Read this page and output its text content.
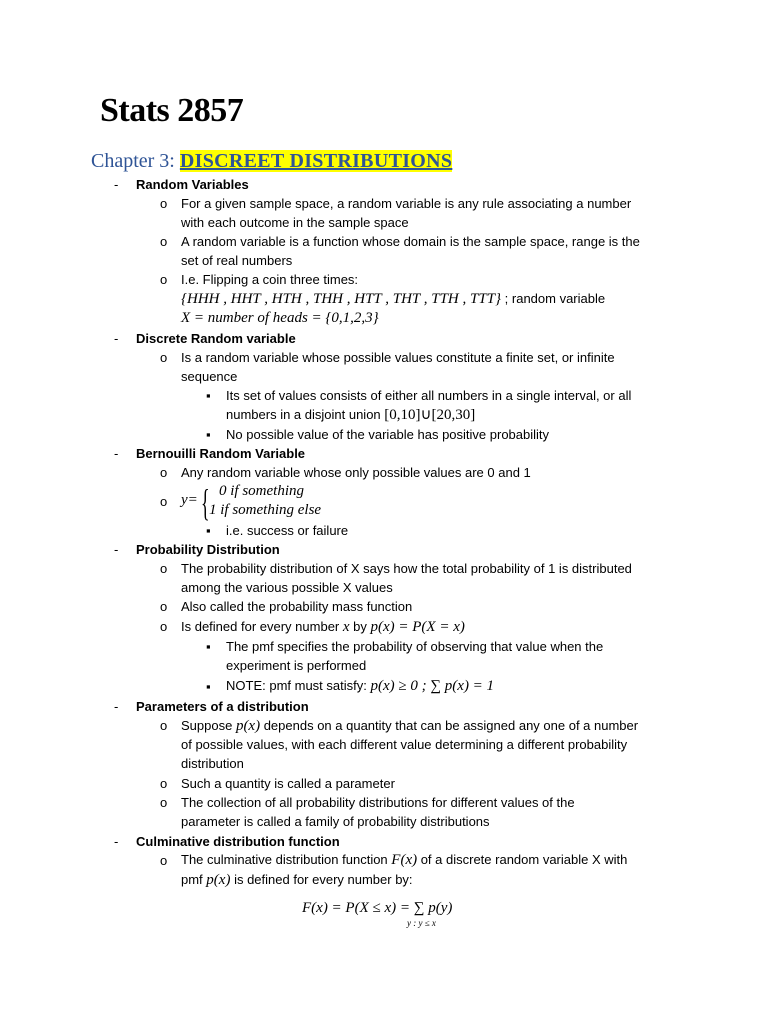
Stats 2857
Chapter 3: DISCREET DISTRIBUTIONS
- Random Variables
o For a given sample space, a random variable is any rule associating a number
with each outcome in the sample space
o A random variable is a function whose domain is the sample space, range is the
set of real numbers
o I.e. Flipping a coin three times:
{HHH , HHT , HTH , THH , HTT , THT , TTH , TTT} ; random variable
X = number of heads = {0,1,2,3}
- Discrete Random variable
o Is a random variable whose possible values constitute a finite set, or infinite
sequence
▪ Its set of values consists of either all numbers in a single interval, or all
numbers in a disjoint union [0,10]∪[20,30]
▪ No possible value of the variable has positive probability
- Bernouilli Random Variable
o Any random variable whose only possible values are 0 and 1
o y= { 0 if something
1 if something else
▪ i.e. success or failure
- Probability Distribution
o The probability distribution of X says how the total probability of 1 is distributed
among the various possible X values
o Also called the probability mass function
o Is defined for every number x by p(x) = P(X = x)
▪ The pmf specifies the probability of observing that value when the
experiment is performed
▪ NOTE: pmf must satisfy: p(x) ≥ 0 ; ∑ p(x) = 1
- Parameters of a distribution
o Suppose p(x) depends on a quantity that can be assigned any one of a number
of possible values, with each different value determining a different probability
distribution
o Such a quantity is called a parameter
o The collection of all probability distributions for different values of the
parameter is called a family of probability distributions
- Culminative distribution function
o The culminative distribution function F(x) of a discrete random variable X with
pmf p(x) is defined for every number by:
F(x) = P(X ≤ x) = ∑ p(y)
y : y ≤ x
